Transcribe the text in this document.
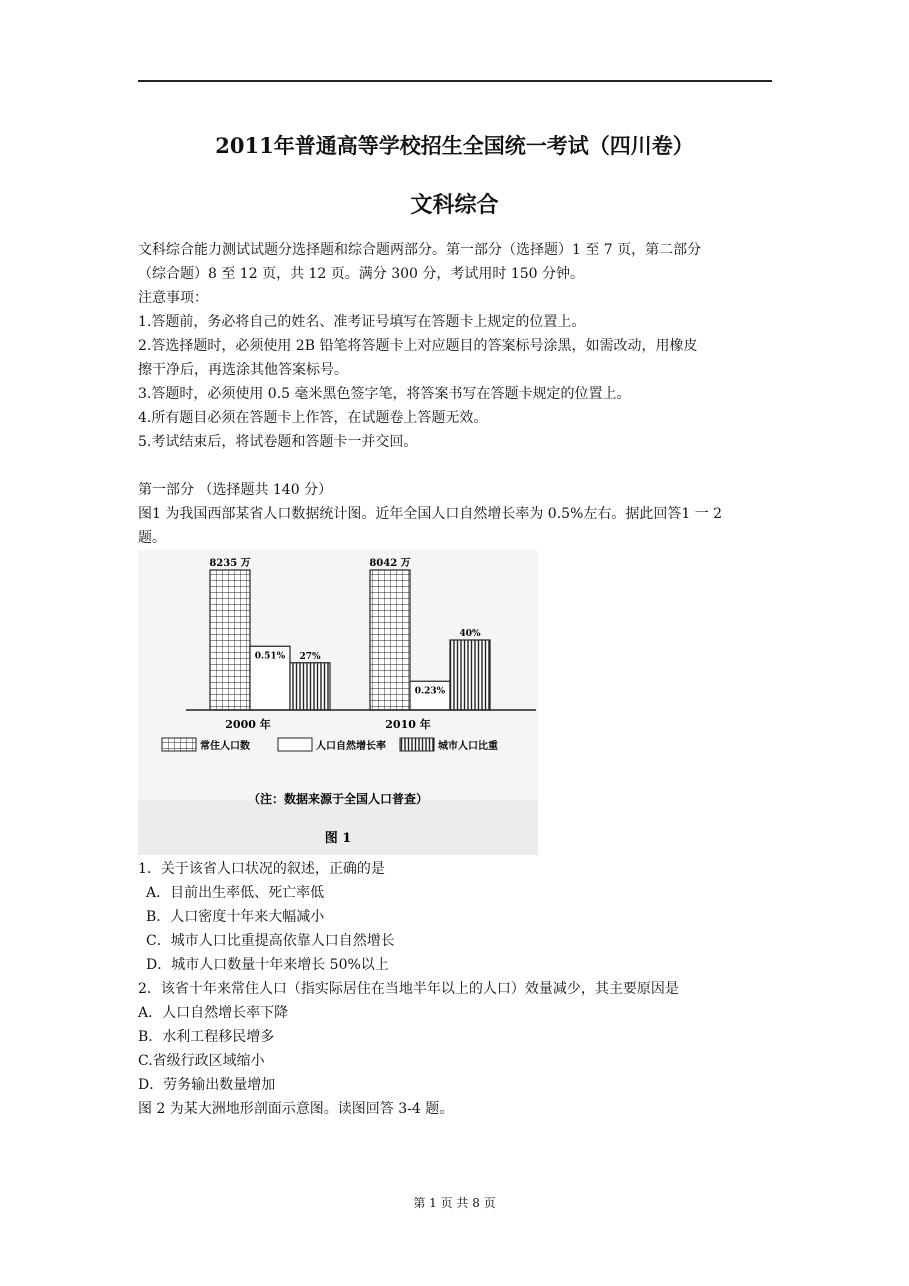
2011年普通高等学校招生全国统一考试（四川卷）
文科综合
文科综合能力测试试题分选择题和综合题两部分。第一部分（选择题）1 至 7 页，第二部分
（综合题）8 至 12 页，共 12 页。满分 300 分，考试用时 150 分钟。
注意事项：
1.答题前，务必将自己的姓名、准考证号填写在答题卡上规定的位置上。
2.答选择题时，必须使用 2B 铅笔将答题卡上对应题目的答案标号涂黑，如需改动，用橡皮
擦干净后，再选涂其他答案标号。
3.答题时，必须使用 0.5 毫米黑色签字笔，将答案书写在答题卡规定的位置上。
4.所有题目必须在答题卡上作答，在试题卷上答题无效。
5.考试结束后，将试卷题和答题卡一并交回。
第一部分 （选择题共 140 分）
图1 为我国西部某省人口数据统计图。近年全国人口自然增长率为 0.5%左右。据此回答1 一 2
题。
8235 万
0.51% 27%
8042 万
0.23%
40%
2000 年	2010 年
常住人口数	人口自然增长率	城市人口比重
（注：数据来源于全国人口普查）
图 1
1．关于该省人口状况的叙述，正确的是
A．目前出生率低、死亡率低
B．人口密度十年来大幅减小
C．城市人口比重提高依靠人口自然增长
D．城市人口数量十年来增长 50%以上
2．该省十年来常住人口（指实际居住在当地半年以上的人口）效量减少，其主要原因是
A．人口自然增长率下降
B．水利工程移民增多
C.省级行政区域缩小
D．劳务输出数量增加
图 2 为某大洲地形剖面示意图。读图回答 3-4 题。
第 1 页 共 8 页
